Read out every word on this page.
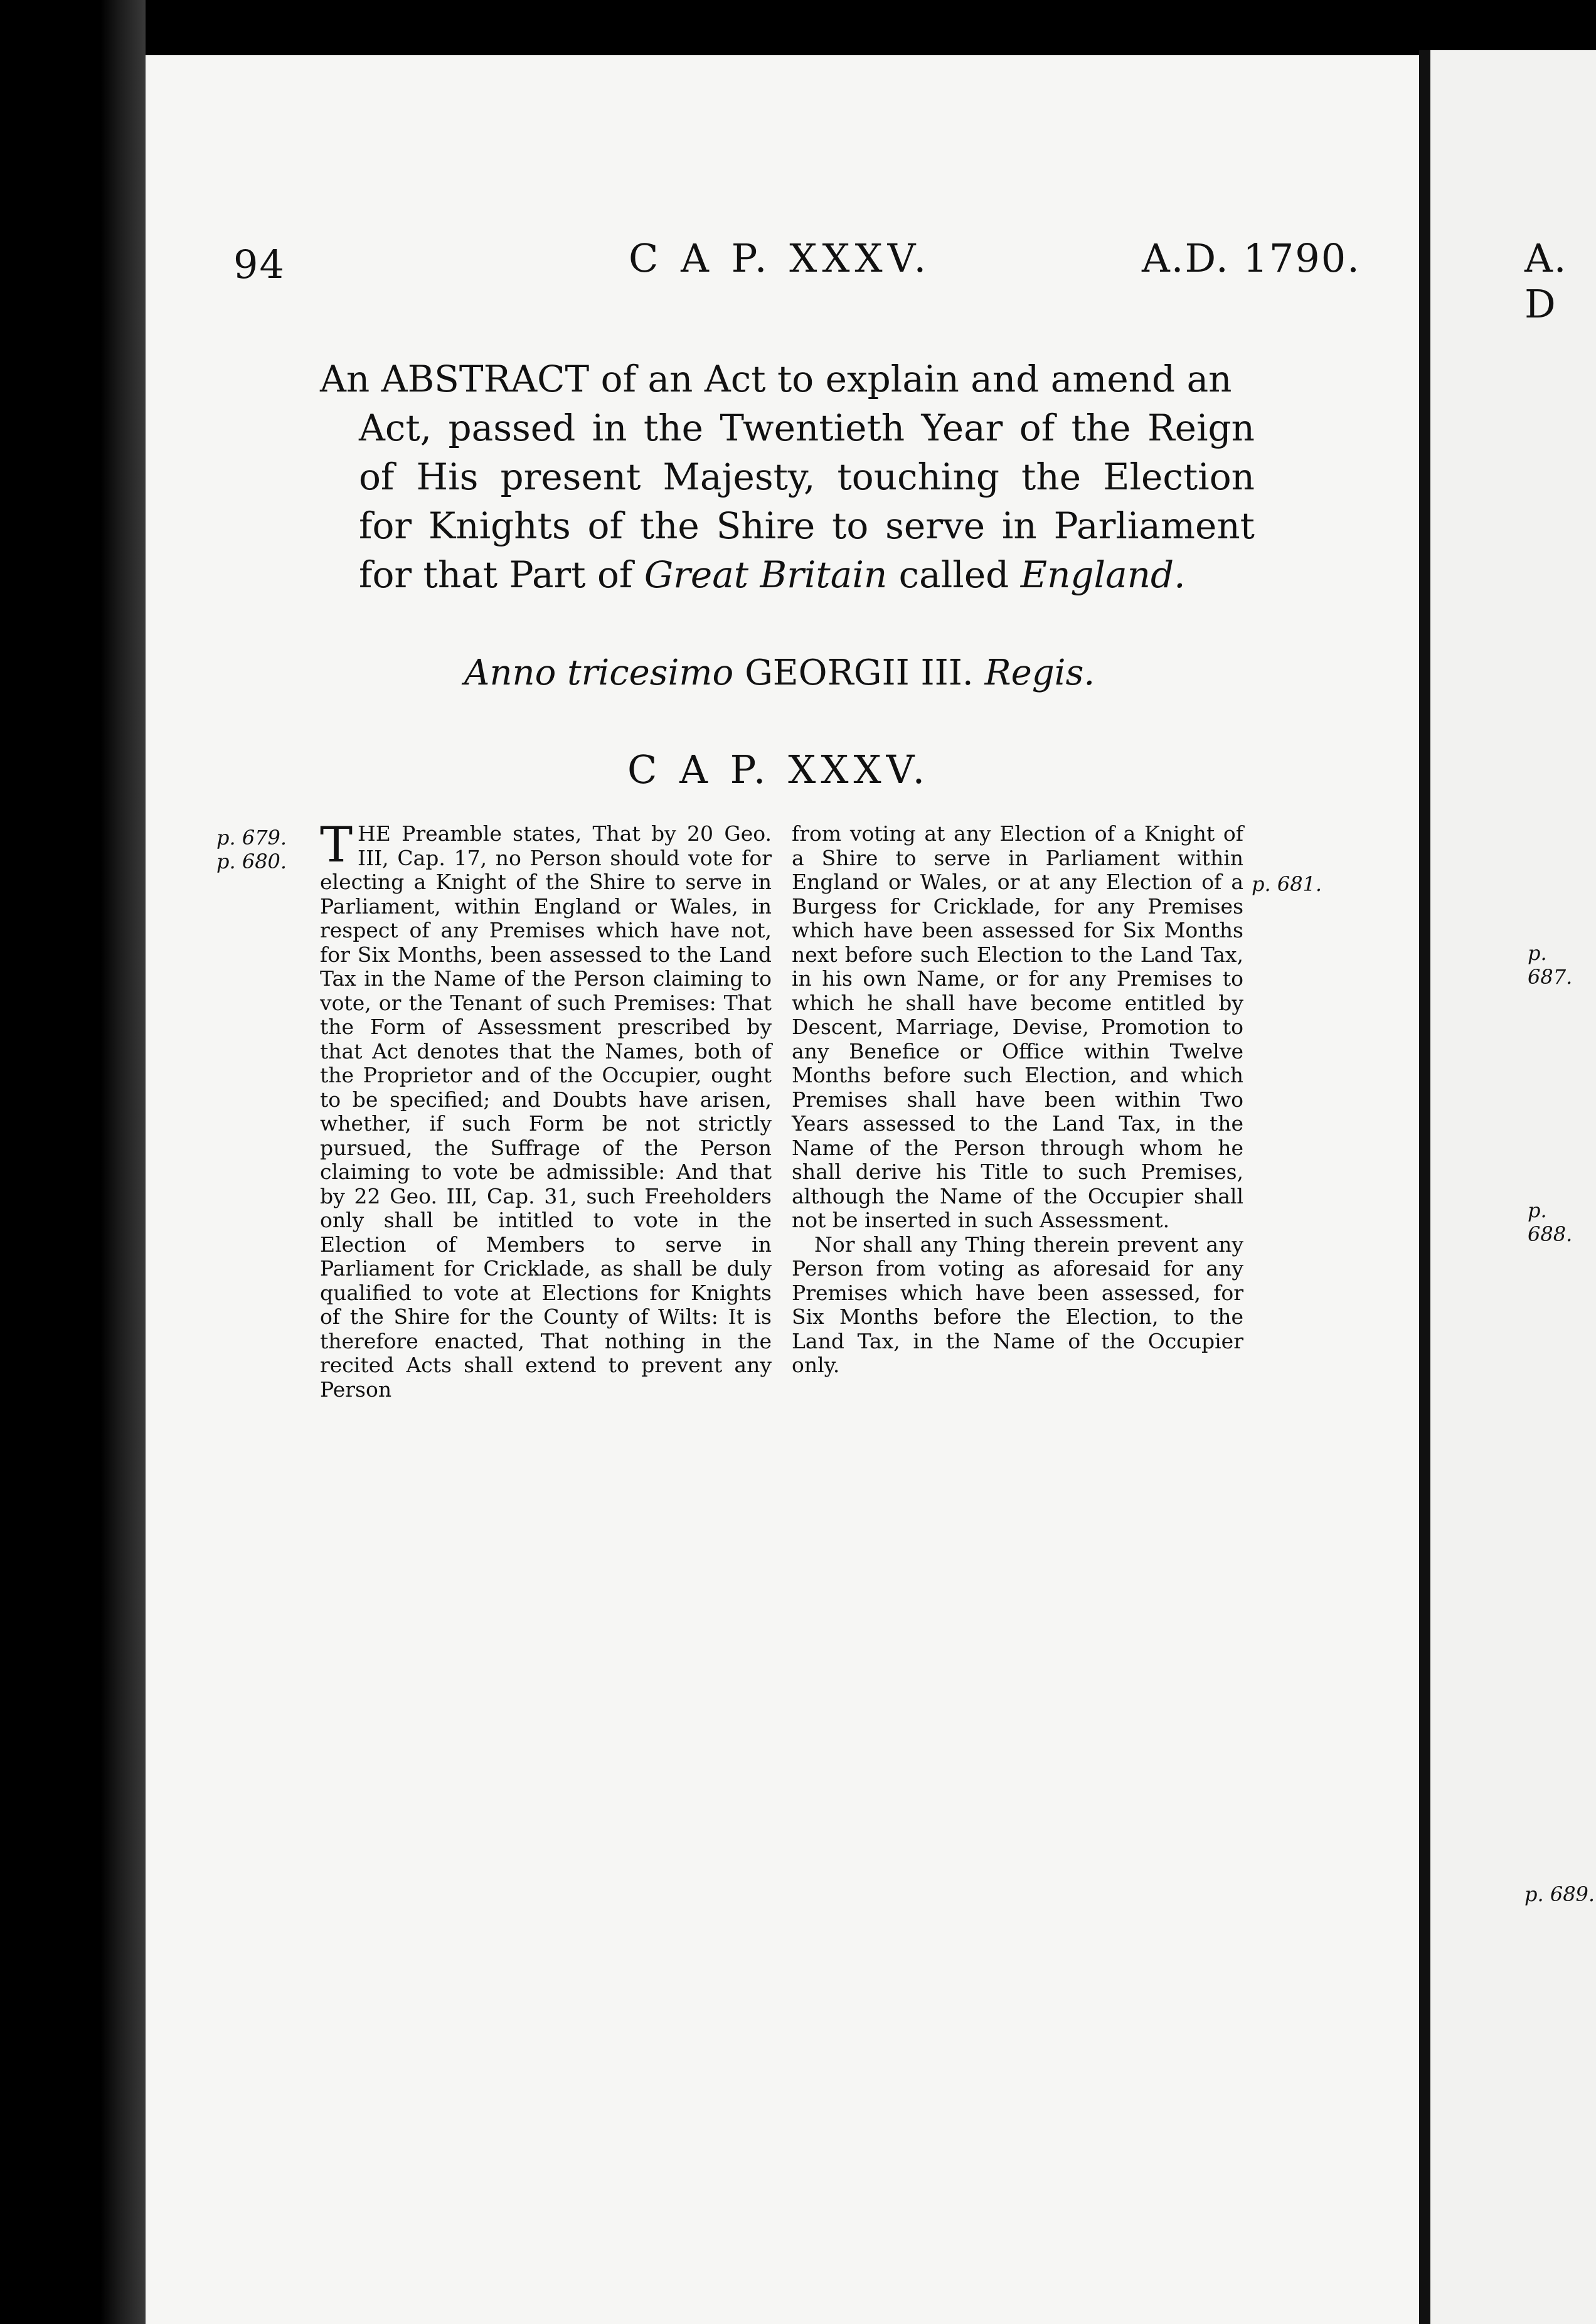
94	C A P. XXXV.	A.D. 1790.
An ABSTRACT of an Act to explain and amend an
Act, passed in the Twentieth Year of the Reign of His present Majesty, touching the Election for Knights of the Shire to serve in Parliament for that Part of Great Britain called England.
Anno tricesimo GEORGII III. Regis.
C A P. XXXV.
p. 679.
p. 680.
p. 681.

THE Preamble states, That by 20 Geo. III, Cap. 17, no Person should vote for electing a Knight of the Shire to serve in Parliament, within England or Wales, in respect of any Premises which have not, for Six Months, been assessed to the Land Tax in the Name of the Person claiming to vote, or the Tenant of such Premises: That the Form of Assessment prescribed by that Act denotes that the Names, both of the Proprietor and of the Occupier, ought to be specified; and Doubts have arisen, whether, if such Form be not strictly pursued, the Suffrage of the Person claiming to vote be admissible: And that by 22 Geo. III, Cap. 31, such Freeholders only shall be intitled to vote in the Election of Members to serve in Parliament for Cricklade, as shall be duly qualified to vote at Elections for Knights of the Shire for the County of Wilts: It is therefore enacted, That nothing in the recited Acts shall extend to prevent any Person

from voting at any Election of a Knight of a Shire to serve in Parliament within England or Wales, or at any Election of a Burgess for Cricklade, for any Premises which have been assessed for Six Months next before such Election to the Land Tax, in his own Name, or for any Premises to which he shall have become entitled by Descent, Marriage, Devise, Promotion to any Benefice or Office within Twelve Months before such Election, and which Premises shall have been within Two Years assessed to the Land Tax, in the Name of the Person through whom he shall derive his Title to such Premises, although the Name of the Occupier shall not be inserted in such Assessment.

Nor shall any Thing therein prevent any Person from voting as aforesaid for any Premises which have been assessed, for Six Months before the Election, to the Land Tax, in the Name of the Occupier only.

A. D
p. 687.
p. 688.
p. 689.
